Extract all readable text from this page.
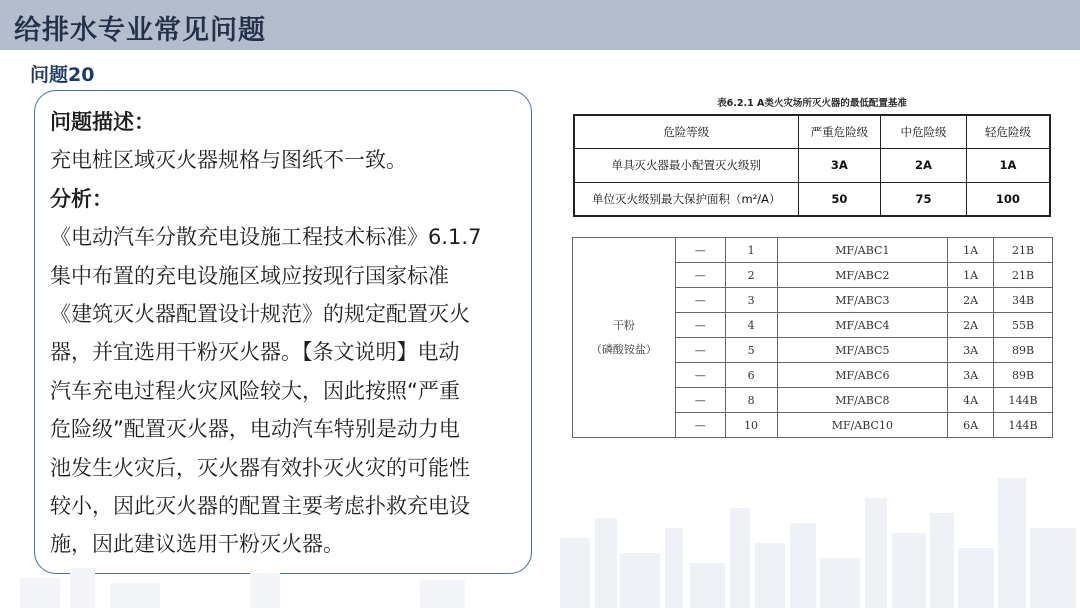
给排水专业常见问题
问题20
问题描述：
充电桩区域灭火器规格与图纸不一致。
分析：
《电动汽车分散充电设施工程技术标准》6.1.7
集中布置的充电设施区域应按现行国家标准
《建筑灭火器配置设计规范》的规定配置灭火
器，并宜选用干粉灭火器。【条文说明】电动
汽车充电过程火灾风险较大，因此按照“严重
危险级”配置灭火器，电动汽车特别是动力电
池发生火灾后，灭火器有效扑灭火灾的可能性
较小，因此灭火器的配置主要考虑扑救充电设
施，因此建议选用干粉灭火器。
表6.2.1 A类火灾场所灭火器的最低配置基准
危险等级	严重危险级	中危险级	轻危险级
单具灭火器最小配置灭火级别	3A	2A	1A
单位灭火级别最大保护面积（m²/A）	50	75	100
干粉
（磷酸铵盐）	—	1	MF/ABC1	1A	21B
	—	2	MF/ABC2	1A	21B
	—	3	MF/ABC3	2A	34B
	—	4	MF/ABC4	2A	55B
	—	5	MF/ABC5	3A	89B
	—	6	MF/ABC6	3A	89B
	—	8	MF/ABC8	4A	144B
	—	10	MF/ABC10	6A	144B
